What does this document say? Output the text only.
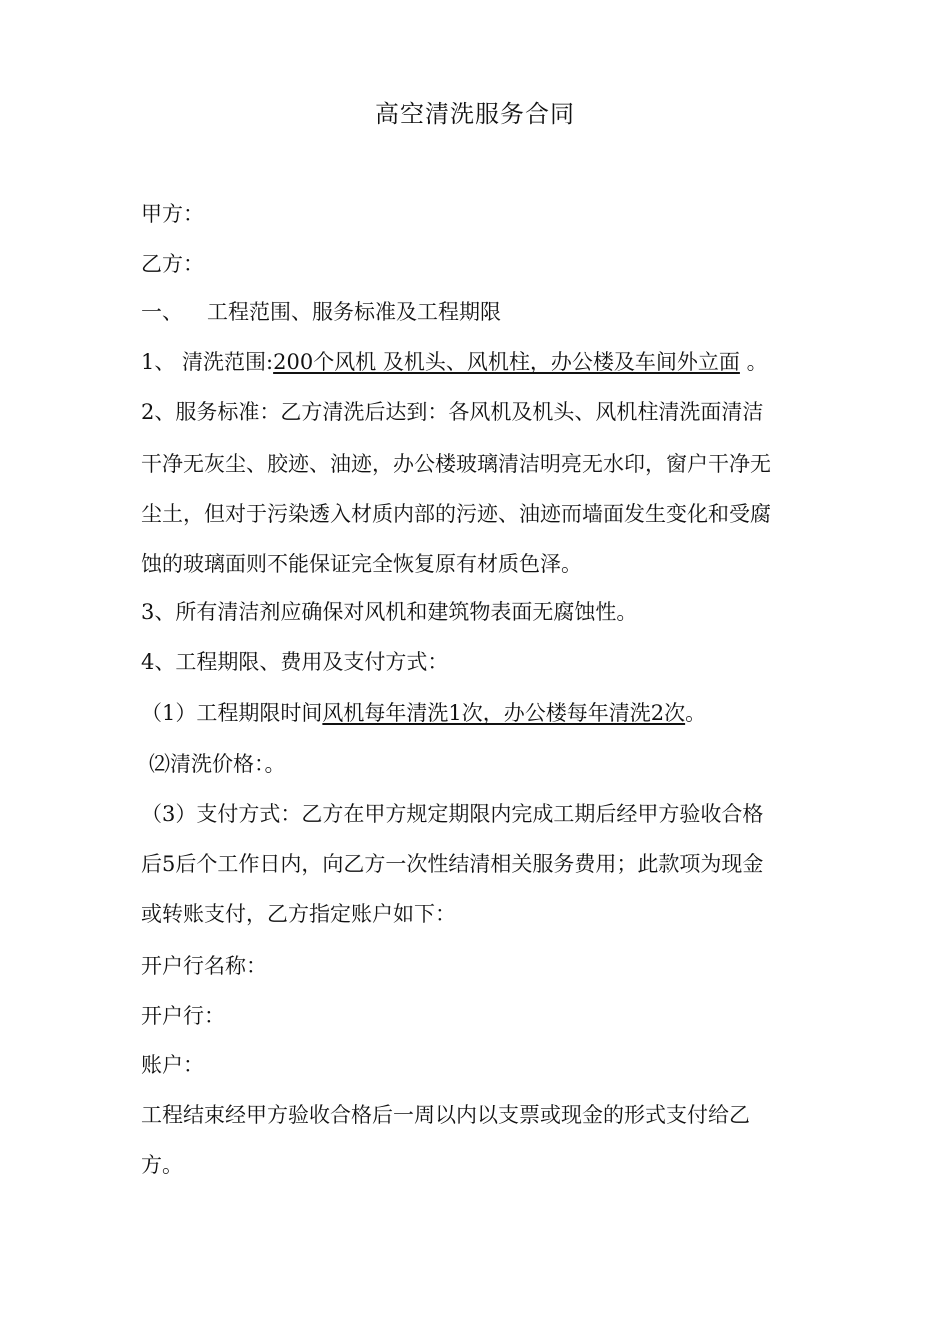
高空清洗服务合同
甲方：
乙方：
一、 工程范围、服务标准及工程期限
1、 清洗范围:200个风机 及机头、风机柱，办公楼及车间外立面 。
2、服务标准：乙方清洗后达到：各风机及机头、风机柱清洗面清洁
干净无灰尘、胶迹、油迹，办公楼玻璃清洁明亮无水印，窗户干净无
尘土，但对于污染透入材质内部的污迹、油迹而墙面发生变化和受腐
蚀的玻璃面则不能保证完全恢复原有材质色泽。
3、所有清洁剂应确保对风机和建筑物表面无腐蚀性。
4、工程期限、费用及支付方式：
（1）工程期限时间风机每年清洗1次，办公楼每年清洗2次。
⑵清洗价格：。
（3）支付方式：乙方在甲方规定期限内完成工期后经甲方验收合格
后5后个工作日内，向乙方一次性结清相关服务费用；此款项为现金
或转账支付，乙方指定账户如下：
开户行名称：
开户行：
账户：
工程结束经甲方验收合格后一周以内以支票或现金的形式支付给乙
方。
